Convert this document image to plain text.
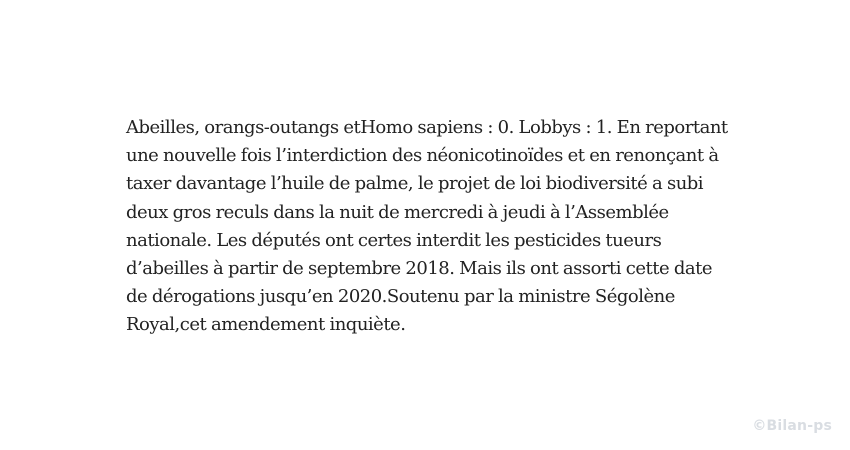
Abeilles, orangs-outangs etHomo sapiens : 0. Lobbys : 1. En reportant une nouvelle fois l’interdiction des néonicotinoïdes et en renonçant à taxer davantage l’huile de palme, le projet de loi biodiversité a subi deux gros reculs dans la nuit de mercredi à jeudi à l’Assemblée nationale. Les députés ont certes interdit les pesticides tueurs d’abeilles à partir de septembre 2018. Mais ils ont assorti cette date de dérogations jusqu’en 2020.Soutenu par la ministre Ségolène Royal,cet amendement inquiète.

©Bilan-ps
